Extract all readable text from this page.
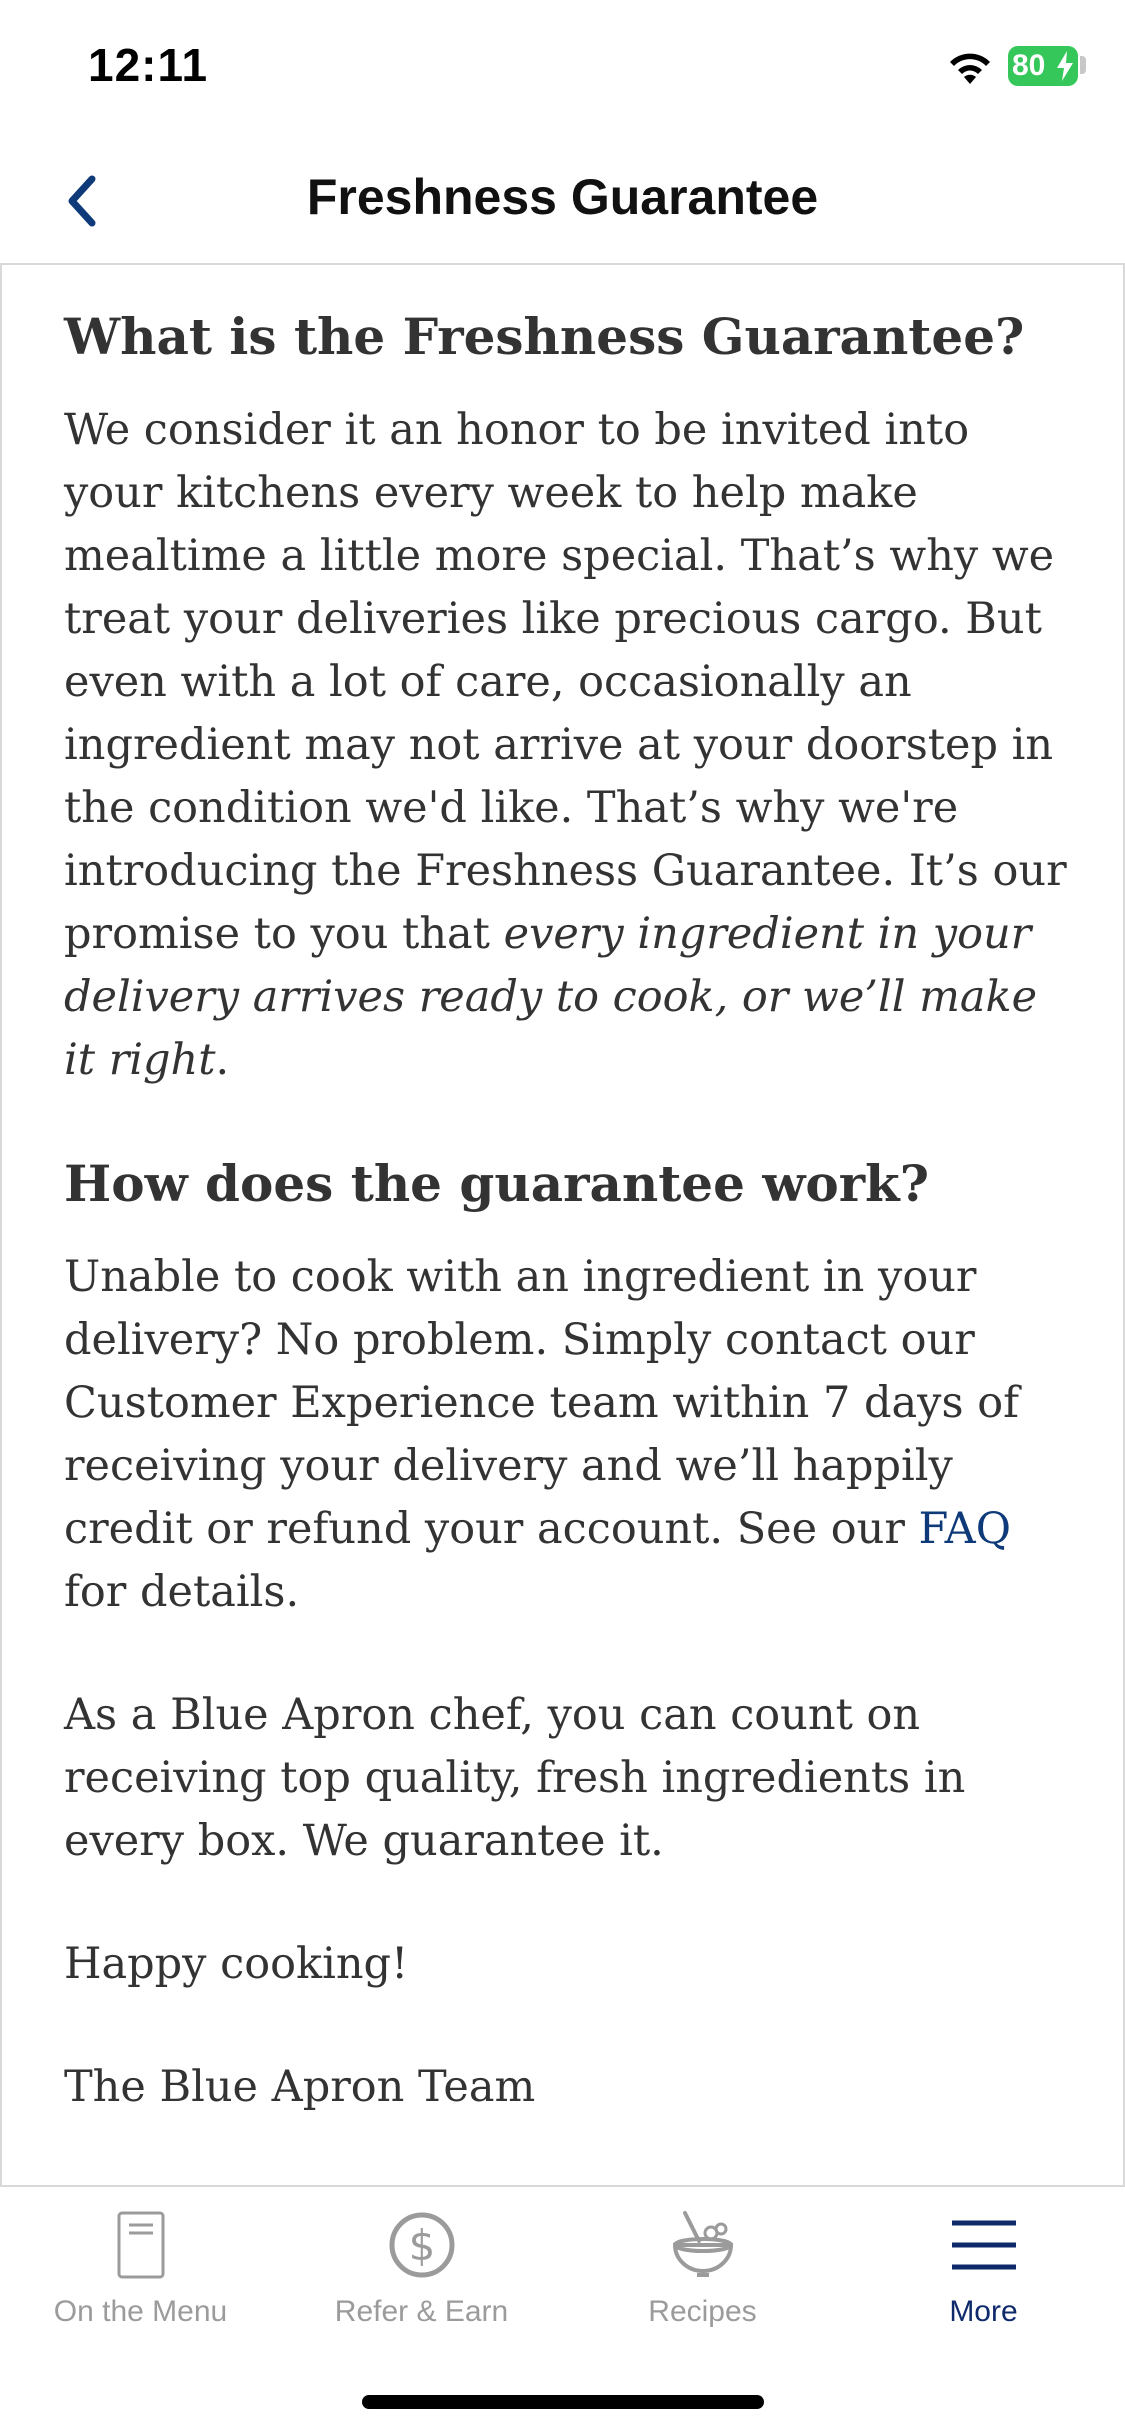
12:11	80
Freshness Guarantee
What is the Freshness Guarantee?

We consider it an honor to be invited into your kitchens every week to help make mealtime a little more special. That’s why we treat your deliveries like precious cargo. But even with a lot of care, occasionally an ingredient may not arrive at your doorstep in the condition we'd like. That’s why we're introducing the Freshness Guarantee. It’s our promise to you that every ingredient in your delivery arrives ready to cook, or we’ll make it right.

How does the guarantee work?

Unable to cook with an ingredient in your delivery? No problem. Simply contact our Customer Experience team within 7 days of receiving your delivery and we’ll happily credit or refund your account. See our FAQ for details.

As a Blue Apron chef, you can count on receiving top quality, fresh ingredients in every box. We guarantee it.

Happy cooking!

The Blue Apron Team

On the Menu
$
Refer & Earn	Recipes	More
